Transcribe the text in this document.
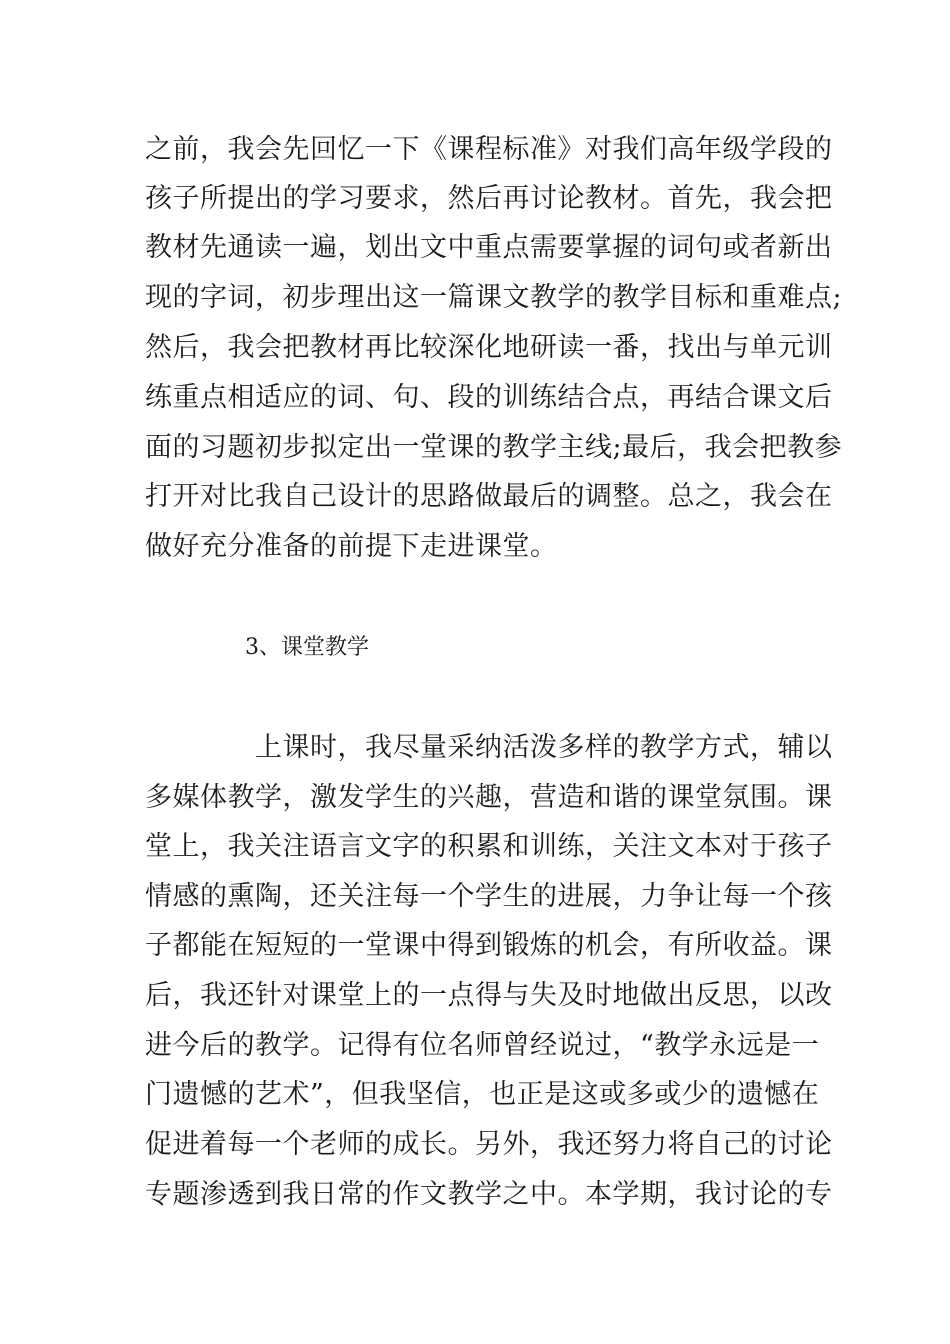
之前，我会先回忆一下《课程标准》对我们高年级学段的
孩子所提出的学习要求，然后再讨论教材。首先，我会把
教材先通读一遍，划出文中重点需要掌握的词句或者新出
现的字词，初步理出这一篇课文教学的教学目标和重难点;
然后，我会把教材再比较深化地研读一番，找出与单元训
练重点相适应的词、句、段的训练结合点，再结合课文后
面的习题初步拟定出一堂课的教学主线;最后，我会把教参
打开对比我自己设计的思路做最后的调整。总之，我会在
做好充分准备的前提下走进课堂。
3、课堂教学
　　　　上课时，我尽量采纳活泼多样的教学方式，辅以
多媒体教学，激发学生的兴趣，营造和谐的课堂氛围。课
堂上，我关注语言文字的积累和训练，关注文本对于孩子
情感的熏陶，还关注每一个学生的进展，力争让每一个孩
子都能在短短的一堂课中得到锻炼的机会，有所收益。课
后，我还针对课堂上的一点得与失及时地做出反思，以改
进今后的教学。记得有位名师曾经说过，“教学永远是一
门遗憾的艺术”，但我坚信，也正是这或多或少的遗憾在
促进着每一个老师的成长。另外，我还努力将自己的讨论
专题渗透到我日常的作文教学之中。本学期，我讨论的专
